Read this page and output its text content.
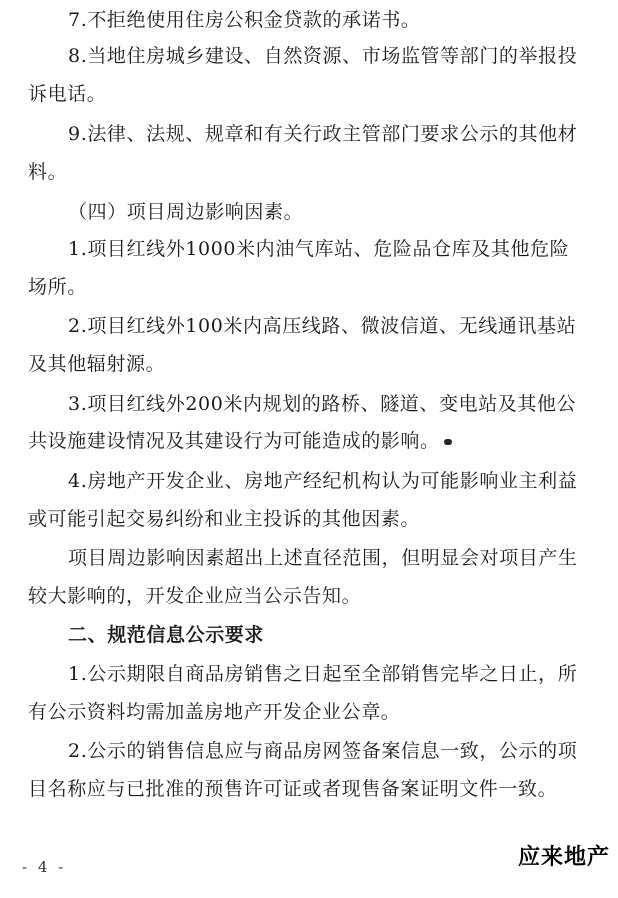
7.不拒绝使用住房公积金贷款的承诺书。
8.当地住房城乡建设、自然资源、市场监管等部门的举报投
诉电话。
9.法律、法规、规章和有关行政主管部门要求公示的其他材
料。
（四）项目周边影响因素。
1.项目红线外1000米内油气库站、危险品仓库及其他危险
场所。
2.项目红线外100米内高压线路、微波信道、无线通讯基站
及其他辐射源。
3.项目红线外200米内规划的路桥、隧道、变电站及其他公
共设施建设情况及其建设行为可能造成的影响。
4.房地产开发企业、房地产经纪机构认为可能影响业主利益
或可能引起交易纠纷和业主投诉的其他因素。
项目周边影响因素超出上述直径范围，但明显会对项目产生
较大影响的，开发企业应当公示告知。
二、规范信息公示要求
1.公示期限自商品房销售之日起至全部销售完毕之日止，所
有公示资料均需加盖房地产开发企业公章。
2.公示的销售信息应与商品房网签备案信息一致，公示的项
目名称应与已批准的预售许可证或者现售备案证明文件一致。
应来地产
- 4 -
